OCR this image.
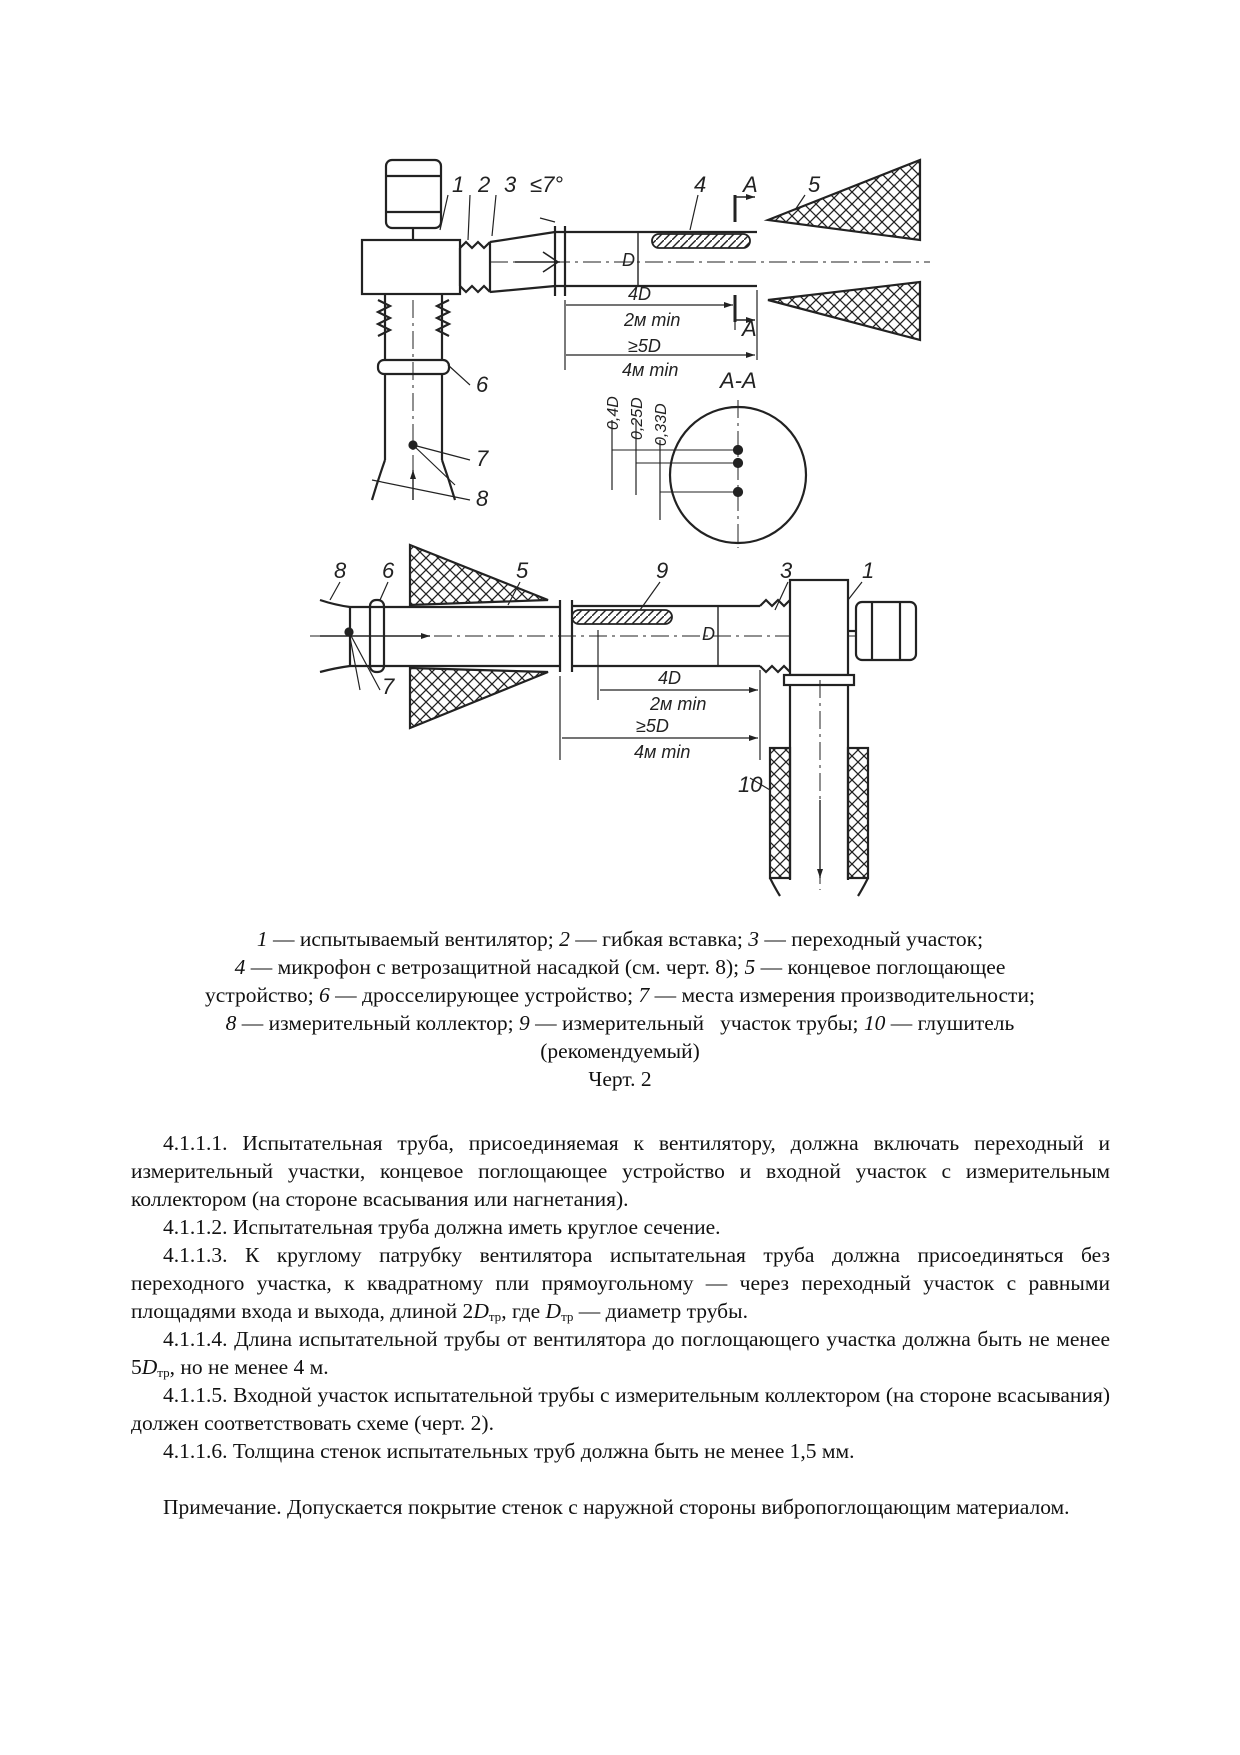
1 2 3 ≤7°	4 A 5
D
4D
2м min	A
≥5D
4м min A-A
6
7
8
0,4D 0,25D 0,33D
8 6	5	9	3	1
D
7	4D
2м min
≥5D
4м min
10
1 — испытываемый вентилятор; 2 — гибкая вставка; 3 — переходный участок;
4 — микрофон с ветрозащитной насадкой (см. черт. 8); 5 — концевое поглощающее
устройство; 6 — дросселирующее устройство; 7 — места измерения производительности;
8 — измерительный коллектор; 9 — измерительный   участок трубы; 10 — глушитель
(рекомендуемый)
Черт. 2

4.1.1.1. Испытательная труба, присоединяемая к вентилятору, должна включать переходный и измерительный участки, концевое поглощающее устройство и входной участок с измерительным коллектором (на стороне всасывания или нагнетания).

4.1.1.2. Испытательная труба должна иметь круглое сечение.

4.1.1.3. К круглому патрубку вентилятора испытательная труба должна присоединяться без переходного участка, к квадратному пли прямоугольному — через переходный участок с равными площадями входа и выхода, длиной $2D_{тр}$, где $D_{тр}$ — диаметр трубы.

4.1.1.4. Длина испытательной трубы от вентилятора до поглощающего участка должна быть не менее $5D_{тр}$, но не менее 4 м.

4.1.1.5. Входной участок испытательной трубы с измерительным коллектором (на стороне всасывания) должен соответствовать схеме (черт. 2).

4.1.1.6. Толщина стенок испытательных труб должна быть не менее 1,5 мм.

Примечание. Допускается покрытие стенок с наружной стороны вибропоглощающим материалом.
